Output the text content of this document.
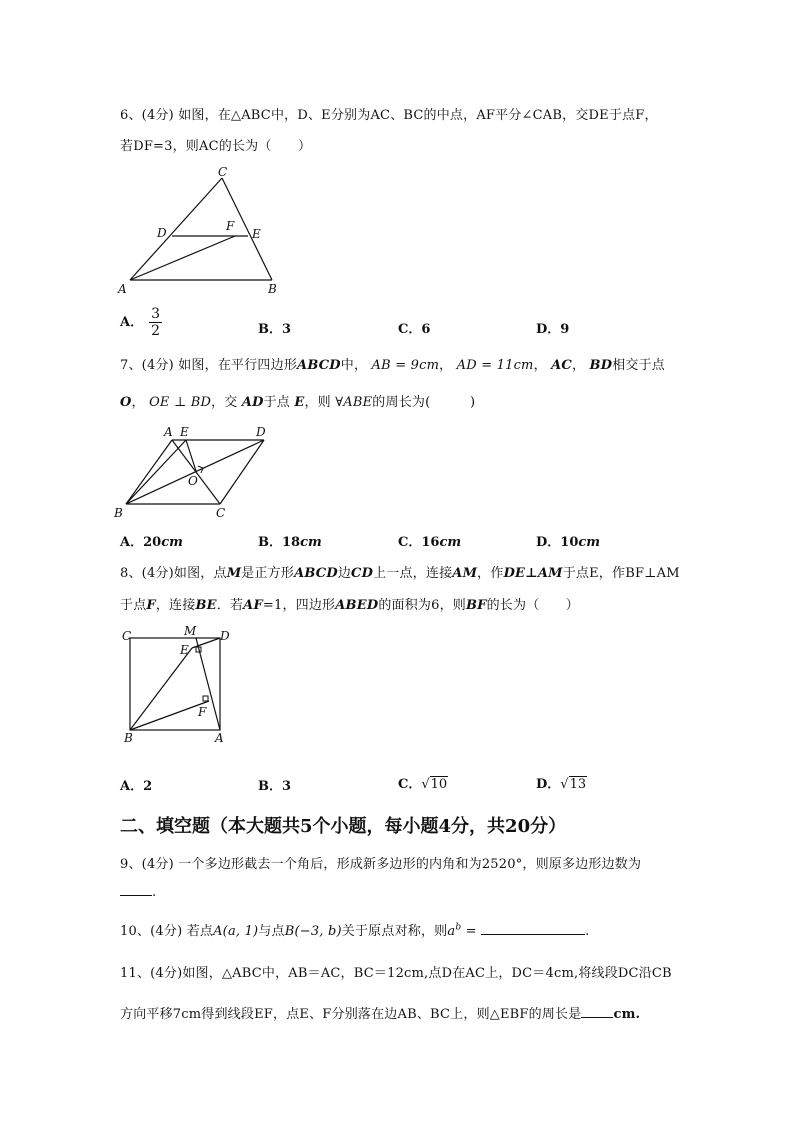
6、(4分) 如图，在△ABC中，D、E分别为AC、BC的中点，AF平分∠CAB，交DE于点F，
若DF=3，则AC的长为（　　）
A	B
C
D	E
F
A． $\frac{3}{2}$	B．3	C．6	D．9
7、(4分) 如图，在平行四边形ABCD中， AB = 9cm， AD = 11cm， AC， BD相交于点
O， OE ⊥ BD，交 AD于点 E，则 ∀ABE的周长为(　　　)
B	C
A E	D
O
A．20cm	B．18cm	C．16cm	D．10cm
8、(4分)如图，点M是正方形ABCD边CD上一点，连接AM，作DE⊥AM于点E，作BF⊥AM
于点F，连接BE．若AF=1，四边形ABED的面积为6，则BF的长为（　　）
C	M D
E
F
B	A
A．2	B．3	C．√10	D．√13
二、填空题（本大题共5个小题，每小题4分，共20分）
9、(4分) 一个多边形截去一个角后，形成新多边形的内角和为2520°，则原多边形边数为
.
10、(4分) 若点A(a, 1)与点B(−3, b)关于原点对称，则$a^b$ =	.
11、(4分)如图，△ABC中，AB＝AC，BC＝12cm,点D在AC上，DC＝4cm,将线段DC沿CB
方向平移7cm得到线段EF，点E、F分别落在边AB、BC上，则△EBF的周长是 cm.
